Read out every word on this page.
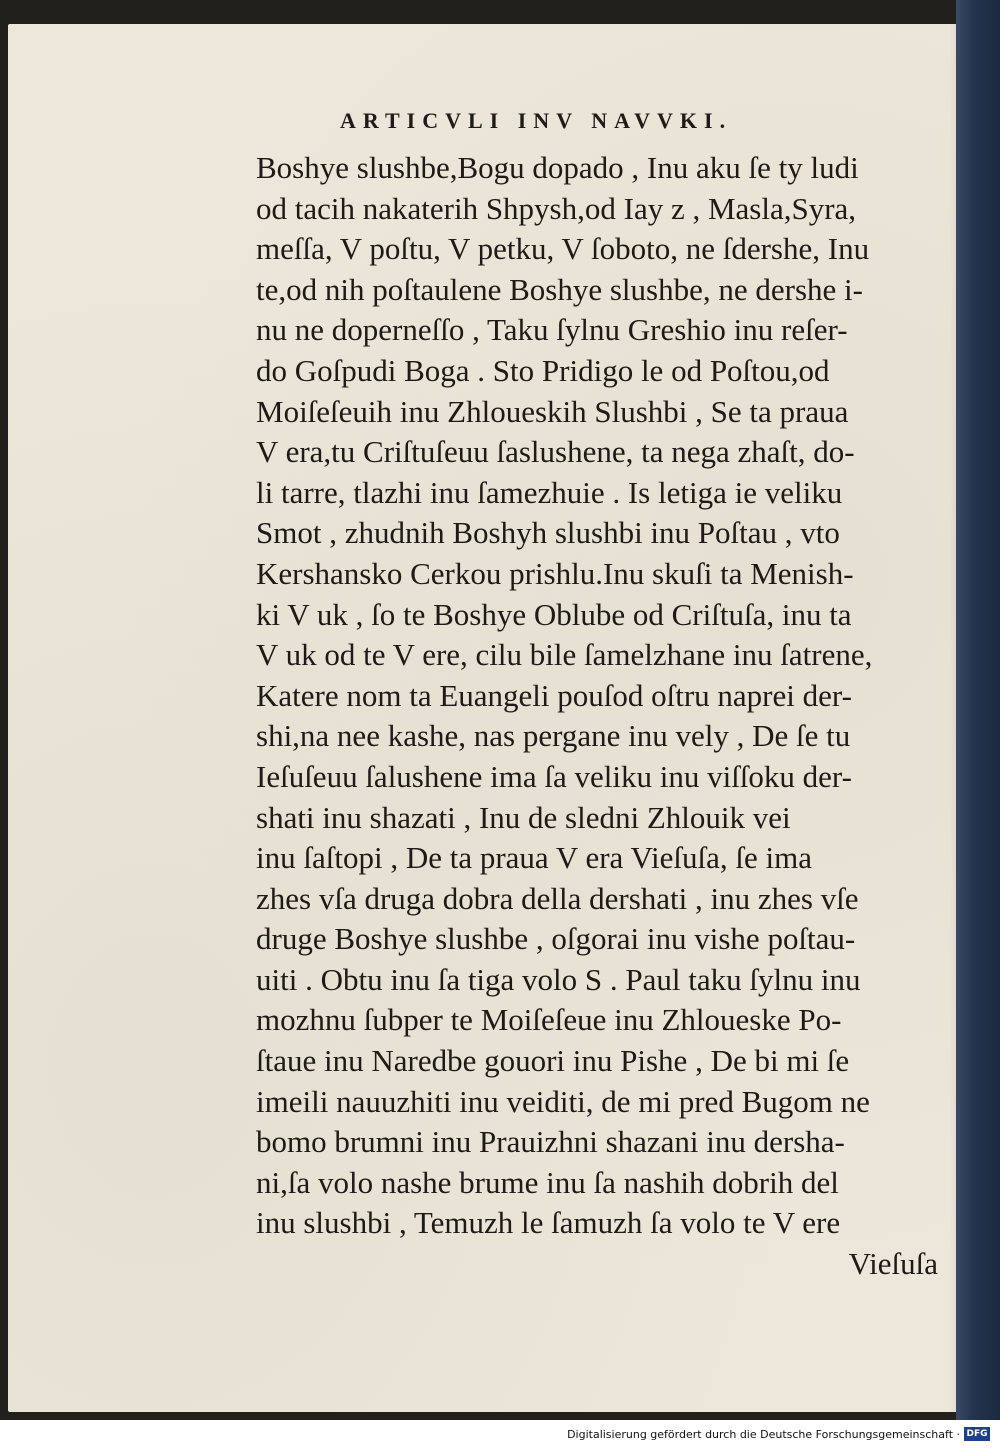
ARTICVLI INV NAVVKI.
Boshye slushbe,Bogu dopado , Inu aku ſe ty ludi
od tacih nakaterih Shpysh,od Iay z , Masla,Syra,
meſſa, V poſtu, V petku, V ſoboto, ne ſdershe, Inu
te,od nih poſtaulene Boshye slushbe, ne dershe i-
nu ne doperneſſo , Taku ſylnu Greshio inu reſer-
do Goſpudi Boga . Sto Pridigo le od Poſtou,od
Moiſeſeuih inu Zhloueskih Slushbi , Se ta praua
V era,tu Criſtuſeuu ſaslushene, ta nega zhaſt, do-
li tarre, tlazhi inu ſamezhuie . Is letiga ie veliku
Smot , zhudnih Boshyh slushbi inu Poſtau , vto
Kershansko Cerkou prishlu.Inu skuſi ta Menish-
ki V uk , ſo te Boshye Oblube od Criſtuſa, inu ta
V uk od te V ere, cilu bile ſamelzhane inu ſatrene,
Katere nom ta Euangeli pouſod oſtru naprei der-
shi,na nee kashe, nas pergane inu vely , De ſe tu
Ieſuſeuu ſalushene ima ſa veliku inu viſſoku der-
shati inu shazati , Inu de sledni Zhlouik vei
inu ſaſtopi , De ta praua V era Vieſuſa, ſe ima
zhes vſa druga dobra della dershati , inu zhes vſe
druge Boshye slushbe , oſgorai inu vishe poſtau-
uiti . Obtu inu ſa tiga volo S . Paul taku ſylnu inu
mozhnu ſubper te Moiſeſeue inu Zhloueske Po-
ſtaue inu Naredbe gouori inu Pishe , De bi mi ſe
imeili nauuzhiti inu veiditi, de mi pred Bugom ne
bomo brumni inu Prauizhni shazani inu dersha-
ni,ſa volo nashe brume inu ſa nashih dobrih del
inu slushbi , Temuzh le ſamuzh ſa volo te V ere
Vieſuſa
Digitalisierung gefördert durch die Deutsche Forschungsgemeinschaft · DFG
